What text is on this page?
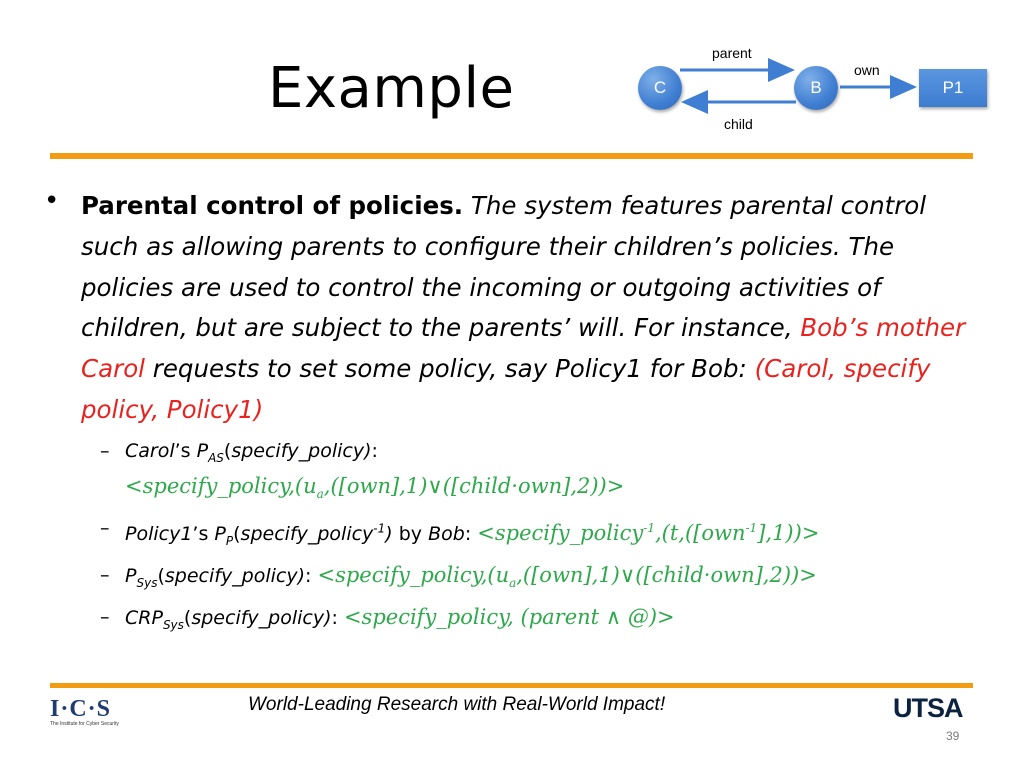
Example
parent
child
own
C	B	P1
• Parental control of policies. The system features parental control such as allowing parents to configure their children’s policies. The policies are used to control the incoming or outgoing activities of children, but are subject to the parents’ will. For instance, Bob’s mother Carol requests to set some policy, say Policy1 for Bob: (Carol, specify policy, Policy1)

– Carol’s $P_{AS}(specify\_policy)$:
$<specify\_policy,(u_a,([own],1)\vee([child\cdot own],2))>$
– Policy1’s $P_P(specify\_policy^{-1})$ by Bob: <specify_policy$^{-1}$,(t,([own$^{-1}$],1))>
– $P_{Sys}(specify\_policy)$: $<specify\_policy,(u_a,([own],1)\vee([child\cdot own],2))>$
– $CRP_{Sys}(specify\_policy)$: <specify_policy, (parent ∧ @)>
I·C·S
The Institute for Cyber Security
World-Leading Research with Real-World Impact!	UTSA
39
